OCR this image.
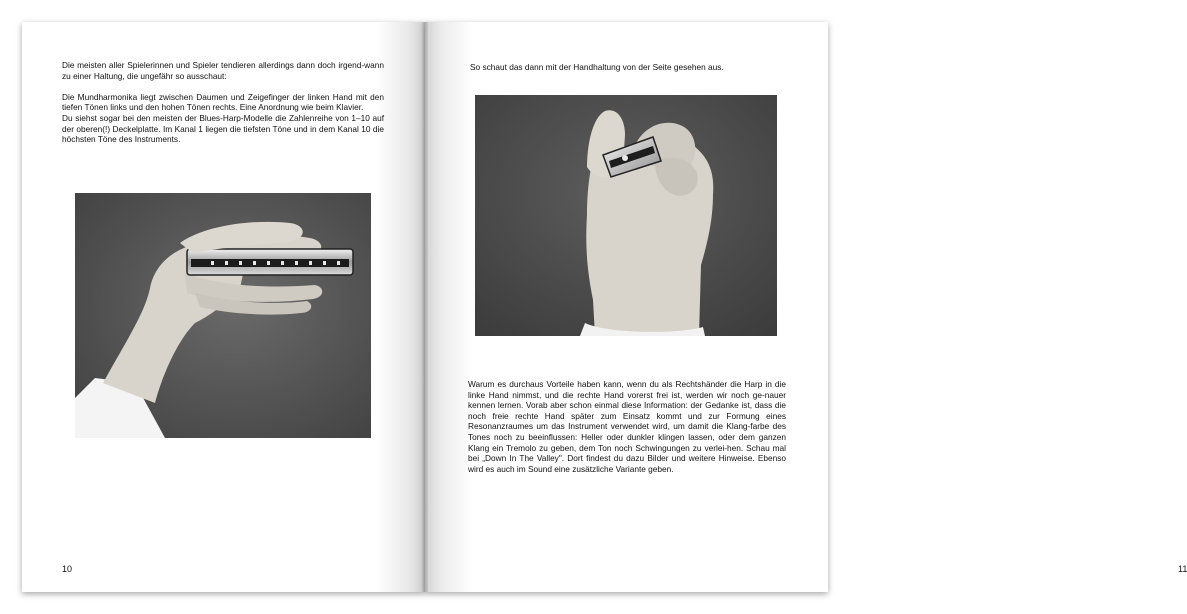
Die meisten aller Spielerinnen und Spieler tendieren allerdings dann doch irgend-wann zu einer Haltung, die ungefähr so ausschaut:

Die Mundharmonika liegt zwischen Daumen und Zeigefinger der linken Hand mit den tiefen Tönen links und den hohen Tönen rechts. Eine Anordnung wie beim Klavier.
Du siehst sogar bei den meisten der Blues-Harp-Modelle die Zahlenreihe von 1–10 auf der oberen(!) Deckelplatte. Im Kanal 1 liegen die tiefsten Töne und in dem Kanal 10 die höchsten Töne des Instruments.

10

So schaut das dann mit der Handhaltung von der Seite gesehen aus.

Warum es durchaus Vorteile haben kann, wenn du als Rechtshänder die Harp in die linke Hand nimmst, und die rechte Hand vorerst frei ist, werden wir noch ge-nauer kennen lernen. Vorab aber schon einmal diese Information: der Gedanke ist, dass die noch freie rechte Hand später zum Einsatz kommt und zur Formung eines Resonanzraumes um das Instrument verwendet wird, um damit die Klang-farbe des Tones noch zu beeinflussen: Heller oder dunkler klingen lassen, oder dem ganzen Klang ein Tremolo zu geben, dem Ton noch Schwingungen zu verlei-hen. Schau mal bei „Down In The Valley". Dort findest du dazu Bilder und weitere Hinweise. Ebenso wird es auch im Sound eine zusätzliche Variante geben.

11
